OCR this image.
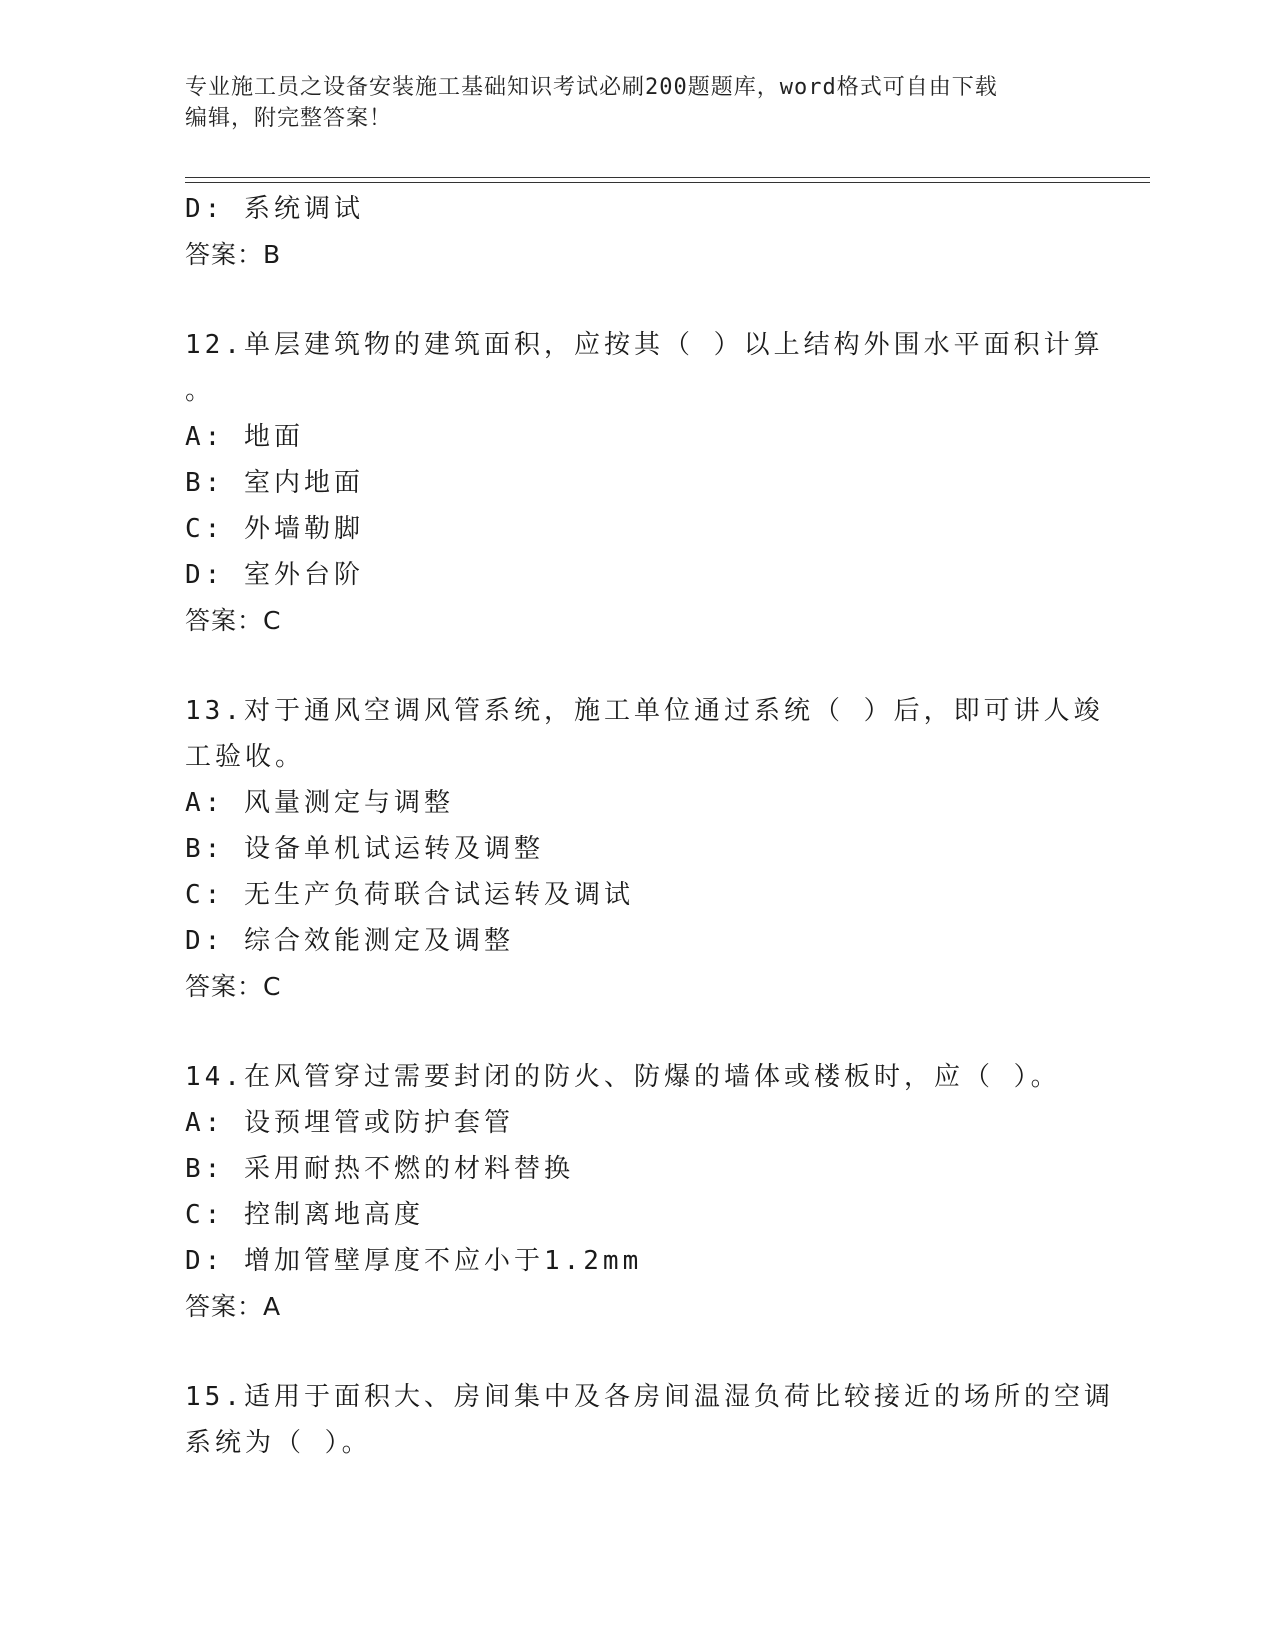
专业施工员之设备安装施工基础知识考试必刷200题题库，word格式可自由下载
编辑，附完整答案！
D: 系统调试
答案：B
12.单层建筑物的建筑面积，应按其（ ）以上结构外围水平面积计算
。
A: 地面
B: 室内地面
C: 外墙勒脚
D: 室外台阶
答案：C
13.对于通风空调风管系统，施工单位通过系统（ ）后，即可讲人竣
工验收。
A: 风量测定与调整
B: 设备单机试运转及调整
C: 无生产负荷联合试运转及调试
D: 综合效能测定及调整
答案：C
14.在风管穿过需要封闭的防火、防爆的墙体或楼板时，应（ ）。
A: 设预埋管或防护套管
B: 采用耐热不燃的材料替换
C: 控制离地高度
D: 增加管壁厚度不应小于1.2mm
答案：A
15.适用于面积大、房间集中及各房间温湿负荷比较接近的场所的空调
系统为（ ）。
